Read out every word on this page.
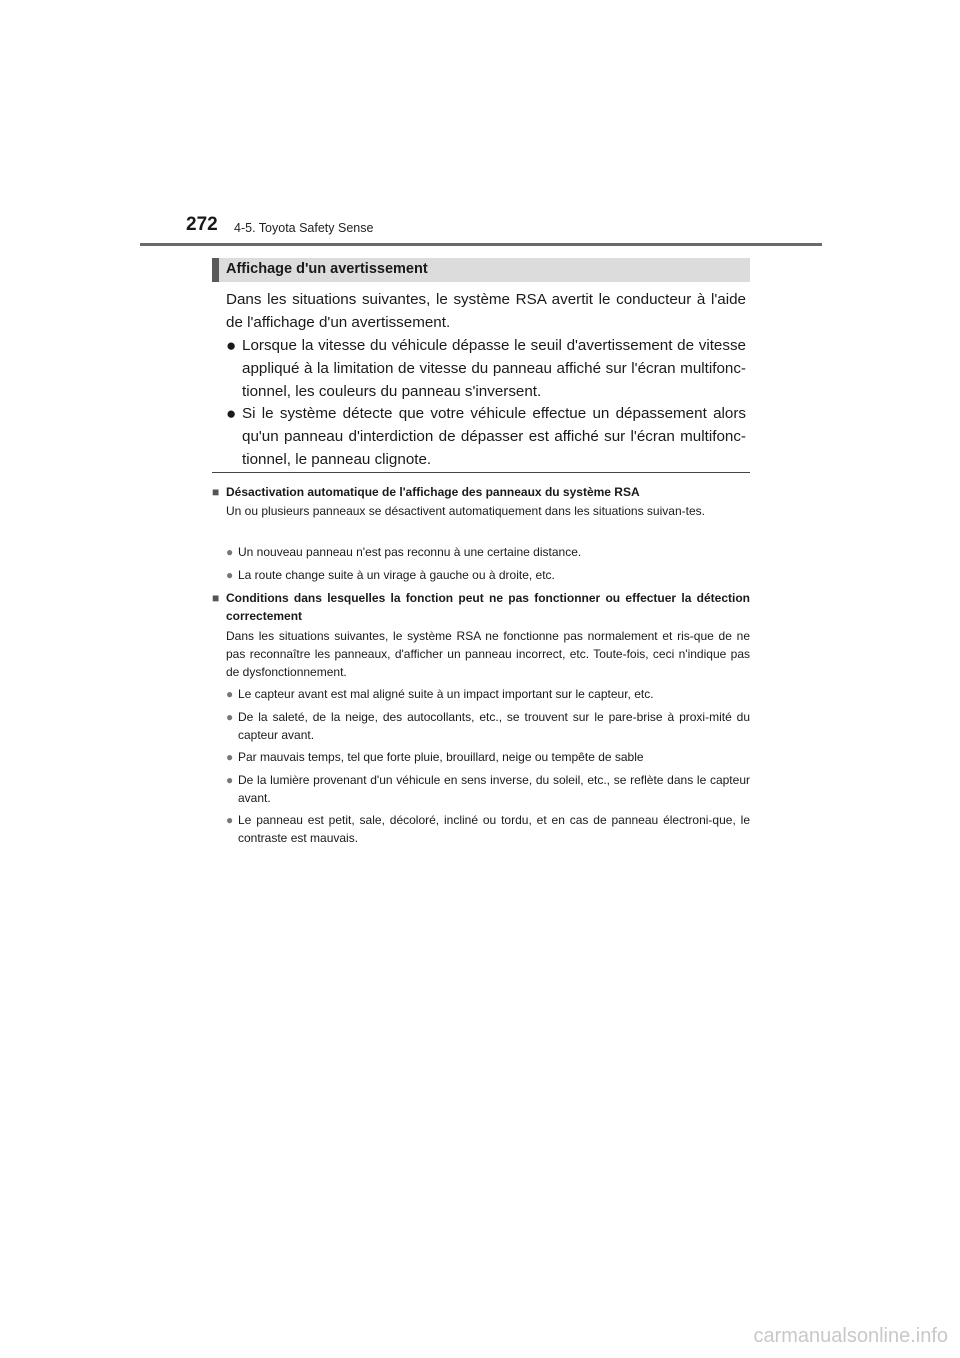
272 4-5. Toyota Safety Sense
Affichage d'un avertissement
Dans les situations suivantes, le système RSA avertit le conducteur à l'aide de l'affichage d'un avertissement.
● Lorsque la vitesse du véhicule dépasse le seuil d'avertissement de vitesse appliqué à la limitation de vitesse du panneau affiché sur l'écran multifonc-tionnel, les couleurs du panneau s'inversent.
● Si le système détecte que votre véhicule effectue un dépassement alors qu'un panneau d'interdiction de dépasser est affiché sur l'écran multifonc-tionnel, le panneau clignote.
■ Désactivation automatique de l'affichage des panneaux du système RSA
Un ou plusieurs panneaux se désactivent automatiquement dans les situations suivan-tes.
● Un nouveau panneau n'est pas reconnu à une certaine distance.
● La route change suite à un virage à gauche ou à droite, etc.
■ Conditions dans lesquelles la fonction peut ne pas fonctionner ou effectuer la détection correctement
Dans les situations suivantes, le système RSA ne fonctionne pas normalement et ris-que de ne pas reconnaître les panneaux, d'afficher un panneau incorrect, etc. Toute-fois, ceci n'indique pas de dysfonctionnement.
● Le capteur avant est mal aligné suite à un impact important sur le capteur, etc.
● De la saleté, de la neige, des autocollants, etc., se trouvent sur le pare-brise à proxi-mité du capteur avant.
● Par mauvais temps, tel que forte pluie, brouillard, neige ou tempête de sable
● De la lumière provenant d'un véhicule en sens inverse, du soleil, etc., se reflète dans le capteur avant.
● Le panneau est petit, sale, décoloré, incliné ou tordu, et en cas de panneau électroni-que, le contraste est mauvais.
carmanualsonline.info
